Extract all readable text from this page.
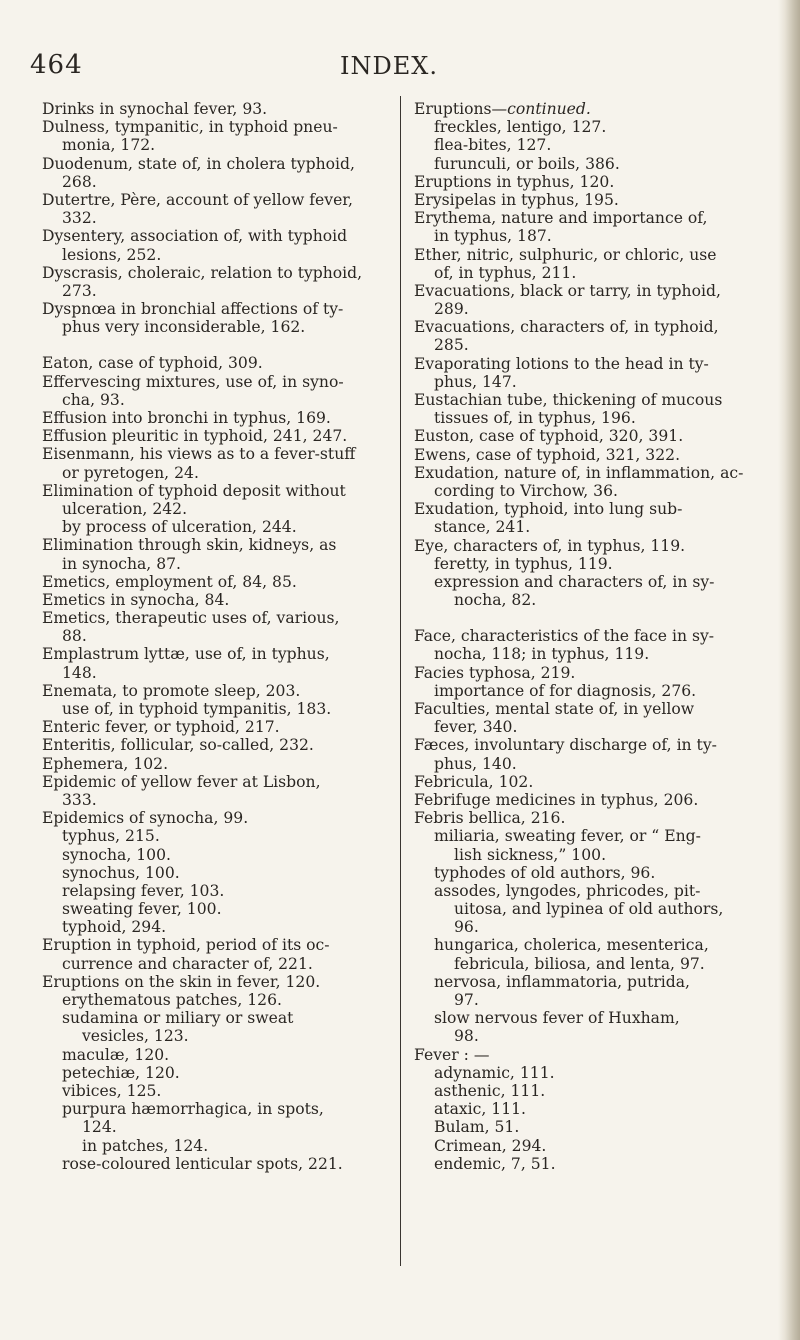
464	INDEX.
Drinks in synochal fever, 93.
Dulness, tympanitic, in typhoid pneu-
monia, 172.
Duodenum, state of, in cholera typhoid,
268.
Dutertre, Père, account of yellow fever,
332.
Dysentery, association of, with typhoid
lesions, 252.
Dyscrasis, choleraic, relation to typhoid,
273.
Dyspnœa in bronchial affections of ty-
phus very inconsiderable, 162.
Eaton, case of typhoid, 309.
Effervescing mixtures, use of, in syno-
cha, 93.
Effusion into bronchi in typhus, 169.
Effusion pleuritic in typhoid, 241, 247.
Eisenmann, his views as to a fever-stuff
or pyretogen, 24.
Elimination of typhoid deposit without
ulceration, 242.
by process of ulceration, 244.
Elimination through skin, kidneys, as
in synocha, 87.
Emetics, employment of, 84, 85.
Emetics in synocha, 84.
Emetics, therapeutic uses of, various,
88.
Emplastrum lyttæ, use of, in typhus,
148.
Enemata, to promote sleep, 203.
use of, in typhoid tympanitis, 183.
Enteric fever, or typhoid, 217.
Enteritis, follicular, so-called, 232.
Ephemera, 102.
Epidemic of yellow fever at Lisbon,
333.
Epidemics of synocha, 99.
typhus, 215.
synocha, 100.
synochus, 100.
relapsing fever, 103.
sweating fever, 100.
typhoid, 294.
Eruption in typhoid, period of its oc-
currence and character of, 221.
Eruptions on the skin in fever, 120.
erythematous patches, 126.
sudamina or miliary or sweat
vesicles, 123.
maculæ, 120.
petechiæ, 120.
vibices, 125.
purpura hæmorrhagica, in spots,
124.
in patches, 124.
rose-coloured lenticular spots, 221.
Eruptions—continued.
freckles, lentigo, 127.
flea-bites, 127.
furunculi, or boils, 386.
Eruptions in typhus, 120.
Erysipelas in typhus, 195.
Erythema, nature and importance of,
in typhus, 187.
Ether, nitric, sulphuric, or chloric, use
of, in typhus, 211.
Evacuations, black or tarry, in typhoid,
289.
Evacuations, characters of, in typhoid,
285.
Evaporating lotions to the head in ty-
phus, 147.
Eustachian tube, thickening of mucous
tissues of, in typhus, 196.
Euston, case of typhoid, 320, 391.
Ewens, case of typhoid, 321, 322.
Exudation, nature of, in inflammation, ac-
cording to Virchow, 36.
Exudation, typhoid, into lung sub-
stance, 241.
Eye, characters of, in typhus, 119.
feretty, in typhus, 119.
expression and characters of, in sy-
nocha, 82.
Face, characteristics of the face in sy-
nocha, 118; in typhus, 119.
Facies typhosa, 219.
importance of for diagnosis, 276.
Faculties, mental state of, in yellow
fever, 340.
Fæces, involuntary discharge of, in ty-
phus, 140.
Febricula, 102.
Febrifuge medicines in typhus, 206.
Febris bellica, 216.
miliaria, sweating fever, or “ Eng-
lish sickness,” 100.
typhodes of old authors, 96.
assodes, lyngodes, phricodes, pit-
uitosa, and lypinea of old authors,
96.
hungarica, cholerica, mesenterica,
febricula, biliosa, and lenta, 97.
nervosa, inflammatoria, putrida,
97.
slow nervous fever of Huxham,
98.
Fever : —
adynamic, 111.
asthenic, 111.
ataxic, 111.
Bulam, 51.
Crimean, 294.
endemic, 7, 51.
